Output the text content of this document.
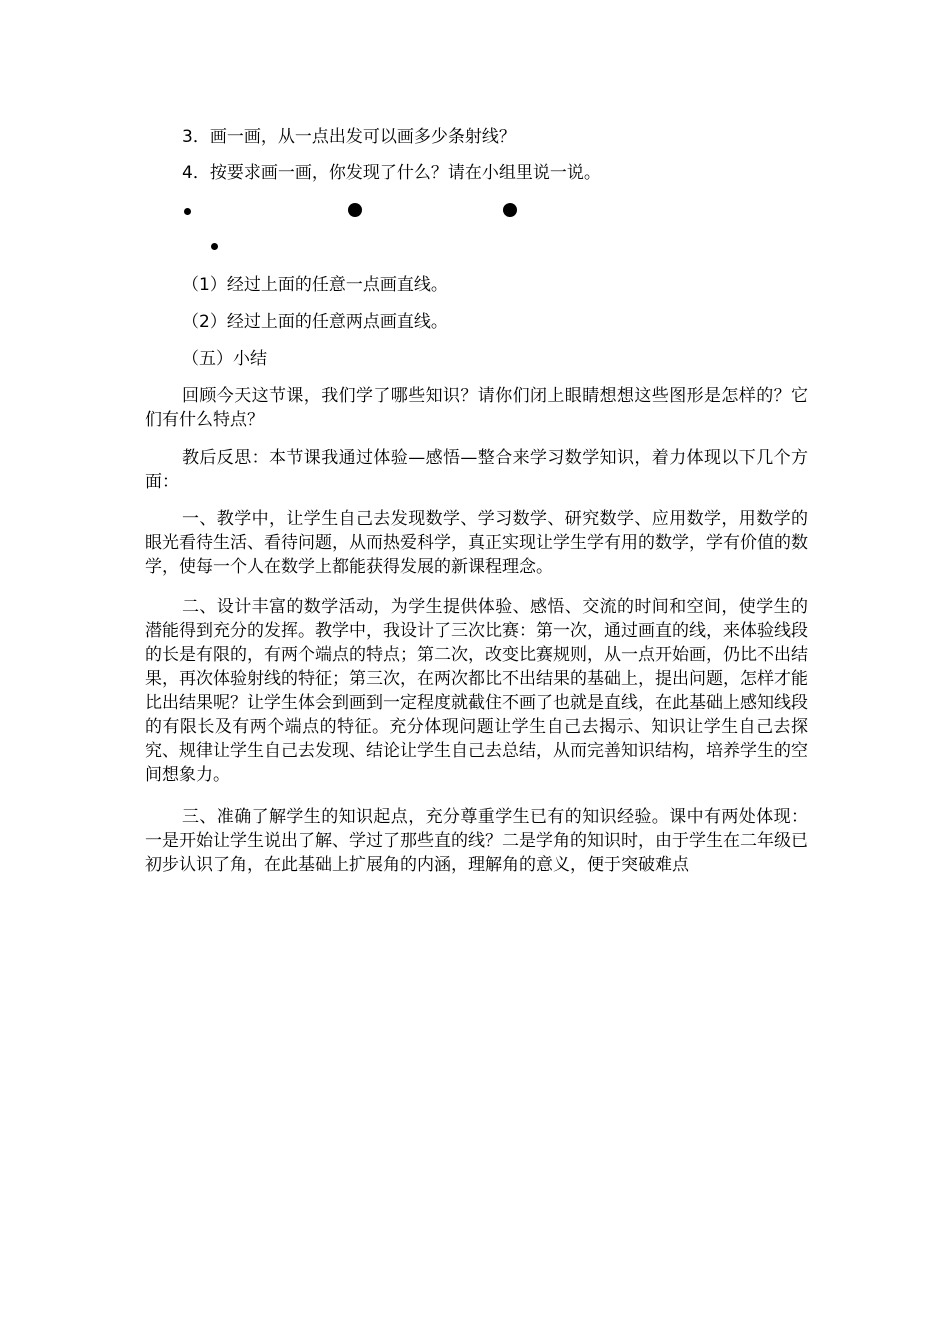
3．画一画，从一点出发可以画多少条射线？
4．按要求画一画，你发现了什么？请在小组里说一说。
（1）经过上面的任意一点画直线。
（2）经过上面的任意两点画直线。
（五）小结

回顾今天这节课，我们学了哪些知识？请你们闭上眼睛想想这些图形是怎样的？它们有什么特点？

教后反思：本节课我通过体验—感悟—整合来学习数学知识，着力体现以下几个方面：

一、教学中，让学生自己去发现数学、学习数学、研究数学、应用数学，用数学的眼光看待生活、看待问题，从而热爱科学，真正实现让学生学有用的数学，学有价值的数学，使每一个人在数学上都能获得发展的新课程理念。

二、设计丰富的数学活动，为学生提供体验、感悟、交流的时间和空间，使学生的潜能得到充分的发挥。教学中，我设计了三次比赛：第一次，通过画直的线，来体验线段的长是有限的，有两个端点的特点；第二次，改变比赛规则，从一点开始画，仍比不出结果，再次体验射线的特征；第三次，在两次都比不出结果的基础上，提出问题，怎样才能比出结果呢？让学生体会到画到一定程度就截住不画了也就是直线，在此基础上感知线段的有限长及有两个端点的特征。充分体现问题让学生自己去揭示、知识让学生自己去探究、规律让学生自己去发现、结论让学生自己去总结，从而完善知识结构，培养学生的空间想象力。

三、准确了解学生的知识起点，充分尊重学生已有的知识经验。课中有两处体现：一是开始让学生说出了解、学过了那些直的线？二是学角的知识时，由于学生在二年级已初步认识了角，在此基础上扩展角的内涵，理解角的意义，便于突破难点
